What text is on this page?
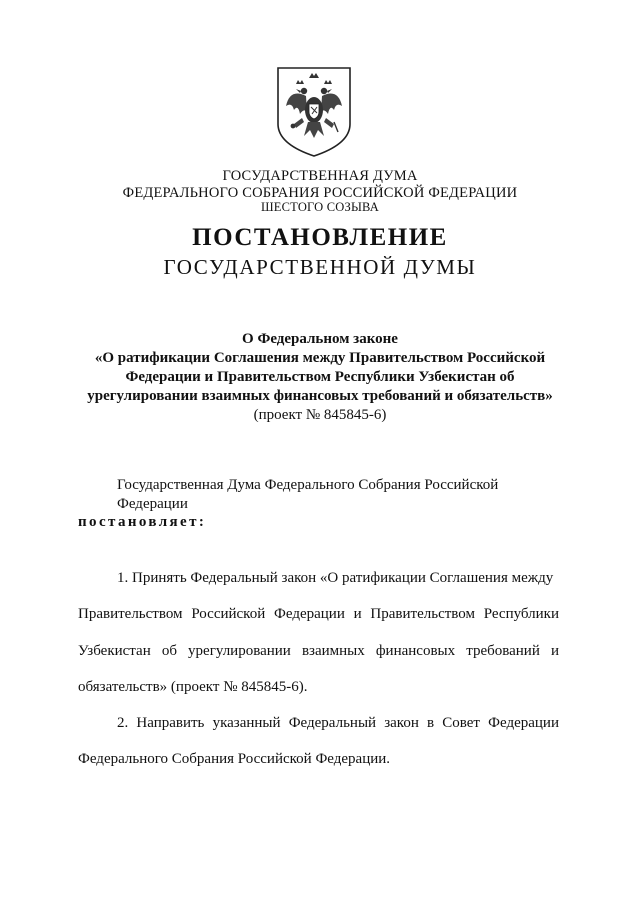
ГОСУДАРСТВЕННАЯ ДУМА
ФЕДЕРАЛЬНОГО СОБРАНИЯ РОССИЙСКОЙ ФЕДЕРАЦИИ
ШЕСТОГО СОЗЫВА
ПОСТАНОВЛЕНИЕ
ГОСУДАРСТВЕННОЙ ДУМЫ
О Федеральном законе
«О ратификации Соглашения между Правительством Российской
Федерации и Правительством Республики Узбекистан об
урегулировании взаимных финансовых требований и обязательств»
(проект № 845845-6)
Государственная Дума Федерального Собрания Российской Федерации
постановляет:
1. Принять Федеральный закон «О ратификации Соглашения между
Правительством Российской Федерации и Правительством Республики
Узбекистан об урегулировании взаимных финансовых требований и
обязательств» (проект № 845845-6).
2. Направить указанный Федеральный закон в Совет Федерации
Федерального Собрания Российской Федерации.
